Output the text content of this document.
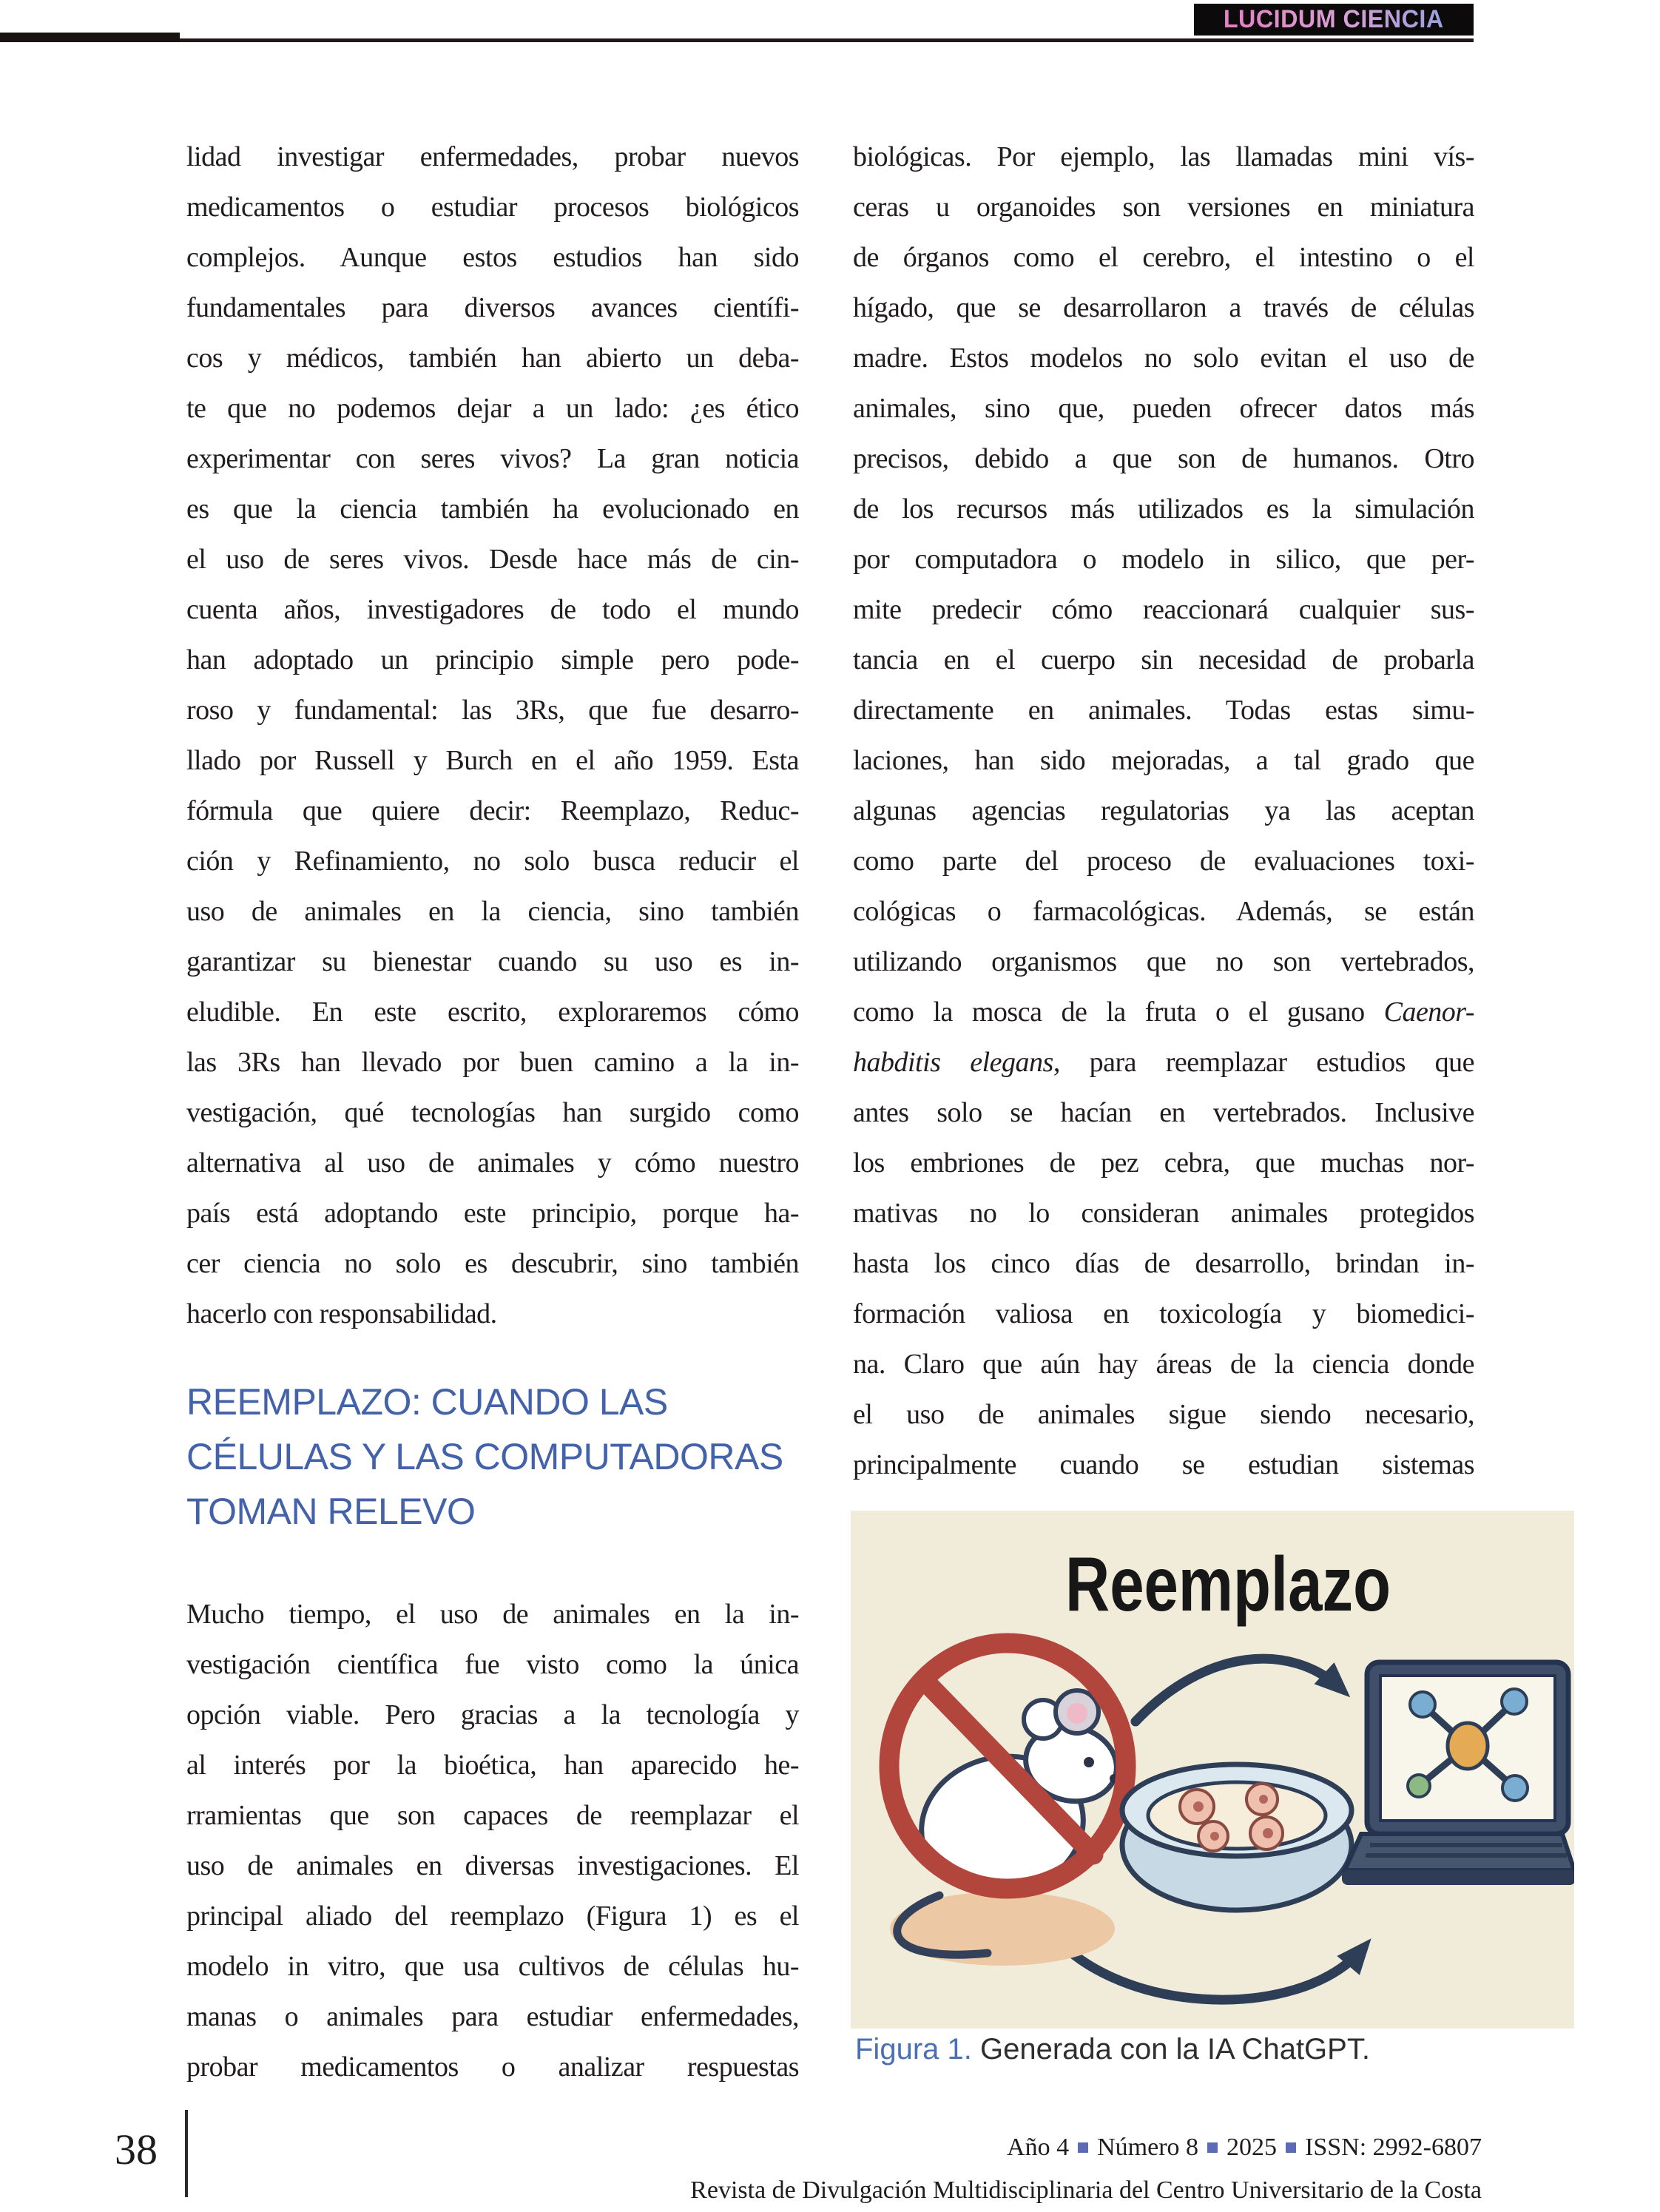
LUCIDUM CIENCIA
lidad investigar enfermedades, probar nuevos
medicamentos o estudiar procesos biológicos
complejos. Aunque estos estudios han sido
fundamentales para diversos avances científi-
cos y médicos, también han abierto un deba-
te que no podemos dejar a un lado: ¿es ético
experimentar con seres vivos? La gran noticia
es que la ciencia también ha evolucionado en
el uso de seres vivos. Desde hace más de cin-
cuenta años, investigadores de todo el mundo
han adoptado un principio simple pero pode-
roso y fundamental: las 3Rs, que fue desarro-
llado por Russell y Burch en el año 1959. Esta
fórmula que quiere decir: Reemplazo, Reduc-
ción y Refinamiento, no solo busca reducir el
uso de animales en la ciencia, sino también
garantizar su bienestar cuando su uso es in-
eludible. En este escrito, exploraremos cómo
las 3Rs han llevado por buen camino a la in-
vestigación, qué tecnologías han surgido como
alternativa al uso de animales y cómo nuestro
país está adoptando este principio, porque ha-
cer ciencia no solo es descubrir, sino también
hacerlo con responsabilidad.
REEMPLAZO: CUANDO LAS
CÉLULAS Y LAS COMPUTADORAS
TOMAN RELEVO
Mucho tiempo, el uso de animales en la in-
vestigación científica fue visto como la única
opción viable. Pero gracias a la tecnología y
al interés por la bioética, han aparecido he-
rramientas que son capaces de reemplazar el
uso de animales en diversas investigaciones. El
principal aliado del reemplazo (Figura 1) es el
modelo in vitro, que usa cultivos de células hu-
manas o animales para estudiar enfermedades,
probar medicamentos o analizar respuestas
biológicas. Por ejemplo, las llamadas mini vís-
ceras u organoides son versiones en miniatura
de órganos como el cerebro, el intestino o el
hígado, que se desarrollaron a través de células
madre. Estos modelos no solo evitan el uso de
animales, sino que, pueden ofrecer datos más
precisos, debido a que son de humanos. Otro
de los recursos más utilizados es la simulación
por computadora o modelo in silico, que per-
mite predecir cómo reaccionará cualquier sus-
tancia en el cuerpo sin necesidad de probarla
directamente en animales. Todas estas simu-
laciones, han sido mejoradas, a tal grado que
algunas agencias regulatorias ya las aceptan
como parte del proceso de evaluaciones toxi-
cológicas o farmacológicas. Además, se están
utilizando organismos que no son vertebrados,
como la mosca de la fruta o el gusano Caenor-
habditis elegans, para reemplazar estudios que
antes solo se hacían en vertebrados. Inclusive
los embriones de pez cebra, que muchas nor-
mativas no lo consideran animales protegidos
hasta los cinco días de desarrollo, brindan in-
formación valiosa en toxicología y biomedici-
na. Claro que aún hay áreas de la ciencia donde
el uso de animales sigue siendo necesario,
principalmente cuando se estudian sistemas
Reemplazo
Figura 1. Generada con la IA ChatGPT.
38	Año 4 Número 8 2025 ISSN: 2992-6807
Revista de Divulgación Multidisciplinaria del Centro Universitario de la Costa
